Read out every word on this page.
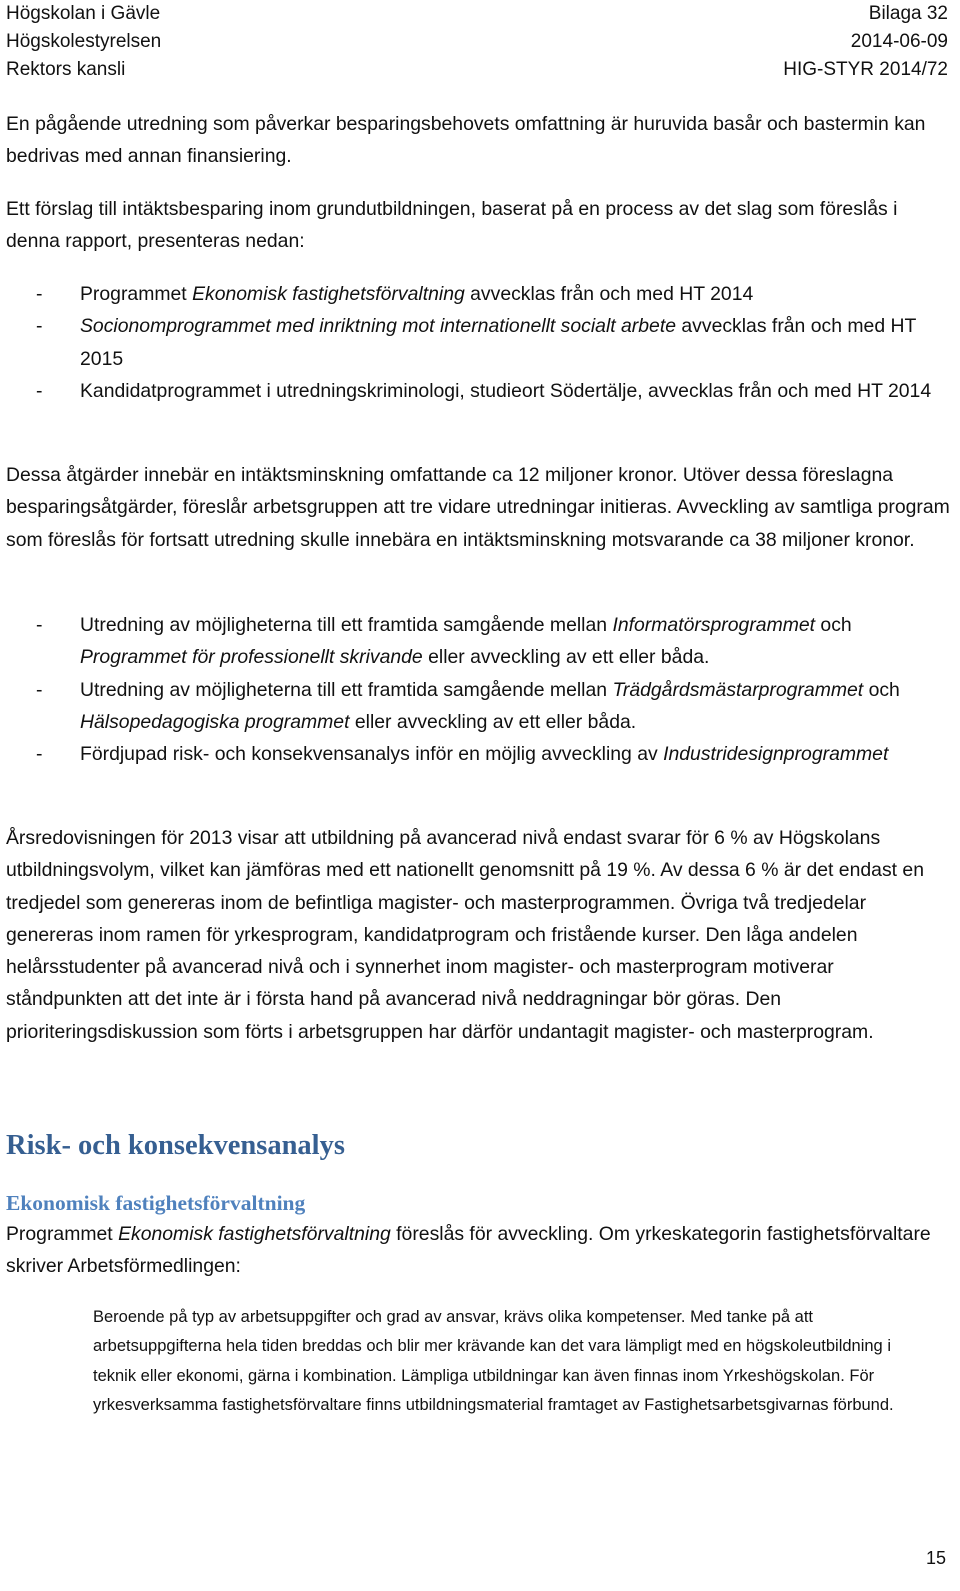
Högskolan i Gävle	Bilaga 32
Högskolestyrelsen	2014-06-09
Rektors kansli	HIG-STYR 2014/72

En pågående utredning som påverkar besparingsbehovets omfattning är huruvida basår och bastermin kan bedrivas med annan finansiering.

Ett förslag till intäktsbesparing inom grundutbildningen, baserat på en process av det slag som föreslås i denna rapport, presenteras nedan:

- Programmet Ekonomisk fastighetsförvaltning avvecklas från och med HT 2014
- Socionomprogrammet med inriktning mot internationellt socialt arbete avvecklas från och med HT 2015
- Kandidatprogrammet i utredningskriminologi, studieort Södertälje, avvecklas från och med HT 2014

Dessa åtgärder innebär en intäktsminskning omfattande ca 12 miljoner kronor. Utöver dessa föreslagna besparingsåtgärder, föreslår arbetsgruppen att tre vidare utredningar initieras. Avveckling av samtliga program som föreslås för fortsatt utredning skulle innebära en intäktsminskning motsvarande ca 38 miljoner kronor.

- Utredning av möjligheterna till ett framtida samgående mellan Informatörsprogrammet och Programmet för professionellt skrivande eller avveckling av ett eller båda.
- Utredning av möjligheterna till ett framtida samgående mellan Trädgårdsmästarprogrammet och Hälsopedagogiska programmet eller avveckling av ett eller båda.
- Fördjupad risk- och konsekvensanalys inför en möjlig avveckling av Industridesignprogrammet

Årsredovisningen för 2013 visar att utbildning på avancerad nivå endast svarar för 6 % av Högskolans utbildningsvolym, vilket kan jämföras med ett nationellt genomsnitt på 19 %. Av dessa 6 % är det endast en tredjedel som genereras inom de befintliga magister- och masterprogrammen. Övriga två tredjedelar genereras inom ramen för yrkesprogram, kandidatprogram och fristående kurser. Den låga andelen helårsstudenter på avancerad nivå och i synnerhet inom magister- och masterprogram motiverar ståndpunkten att det inte är i första hand på avancerad nivå neddragningar bör göras. Den prioriteringsdiskussion som förts i arbetsgruppen har därför undantagit magister- och masterprogram.

Risk- och konsekvensanalys
Ekonomisk fastighetsförvaltning

Programmet Ekonomisk fastighetsförvaltning föreslås för avveckling. Om yrkeskategorin fastighetsförvaltare skriver Arbetsförmedlingen:

Beroende på typ av arbetsuppgifter och grad av ansvar, krävs olika kompetenser. Med tanke på att arbetsuppgifterna hela tiden breddas och blir mer krävande kan det vara lämpligt med en högskoleutbildning i teknik eller ekonomi, gärna i kombination. Lämpliga utbildningar kan även finnas inom Yrkeshögskolan. För yrkesverksamma fastighetsförvaltare finns utbildningsmaterial framtaget av Fastighetsarbetsgivarnas förbund.
15
